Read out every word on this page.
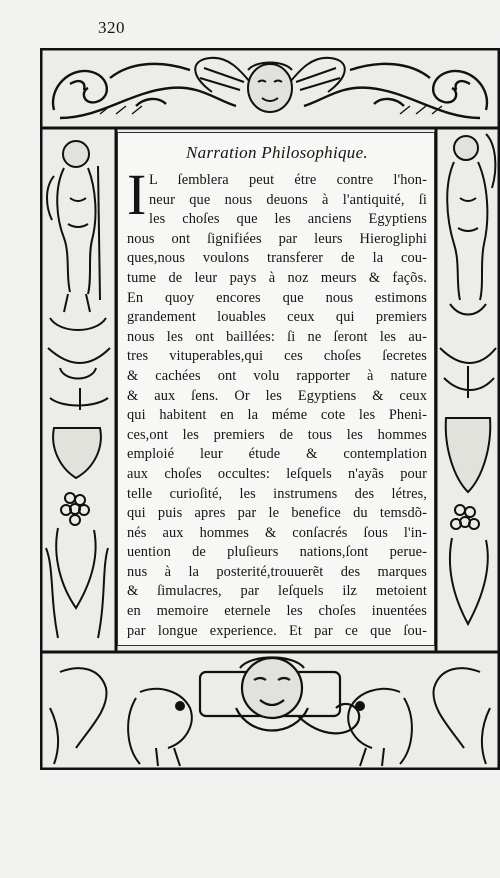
320
Narration Philosophique.
I L ſemblera peut étre contre l'hon-
neur que nous deuons à l'antiquité, ſi
les choſes que les anciens Egyptiens
nous ont ſignifiées par leurs Hierogliphi
ques,nous voulons transferer de la cou-
tume de leur pays à noz meurs & façõs.
En quoy encores que nous estimons
grandement louables ceux qui premiers
nous les ont baillées: ſi ne ſeront les au-
tres vituperables,qui ces choſes ſecretes
& cachées ont volu rapporter à nature
& aux ſens. Or les Egyptiens & ceux
qui habitent en la méme cote les Pheni-
ces,ont les premiers de tous les hommes
emploié leur étude & contemplation
aux choſes occultes: leſquels n'ayãs pour
telle curioſité, les instrumens des létres,
qui puis apres par le benefice du temsdõ-
nés aux hommes & conſacrés ſous l'in-
uention de pluſieurs nations,ſont perue-
nus à la posterité,trouuerẽt des marques
& ſimulacres, par leſquels ilz metoient
en memoire eternele les choſes inuentées
par longue experience. Et par ce que ſou-
